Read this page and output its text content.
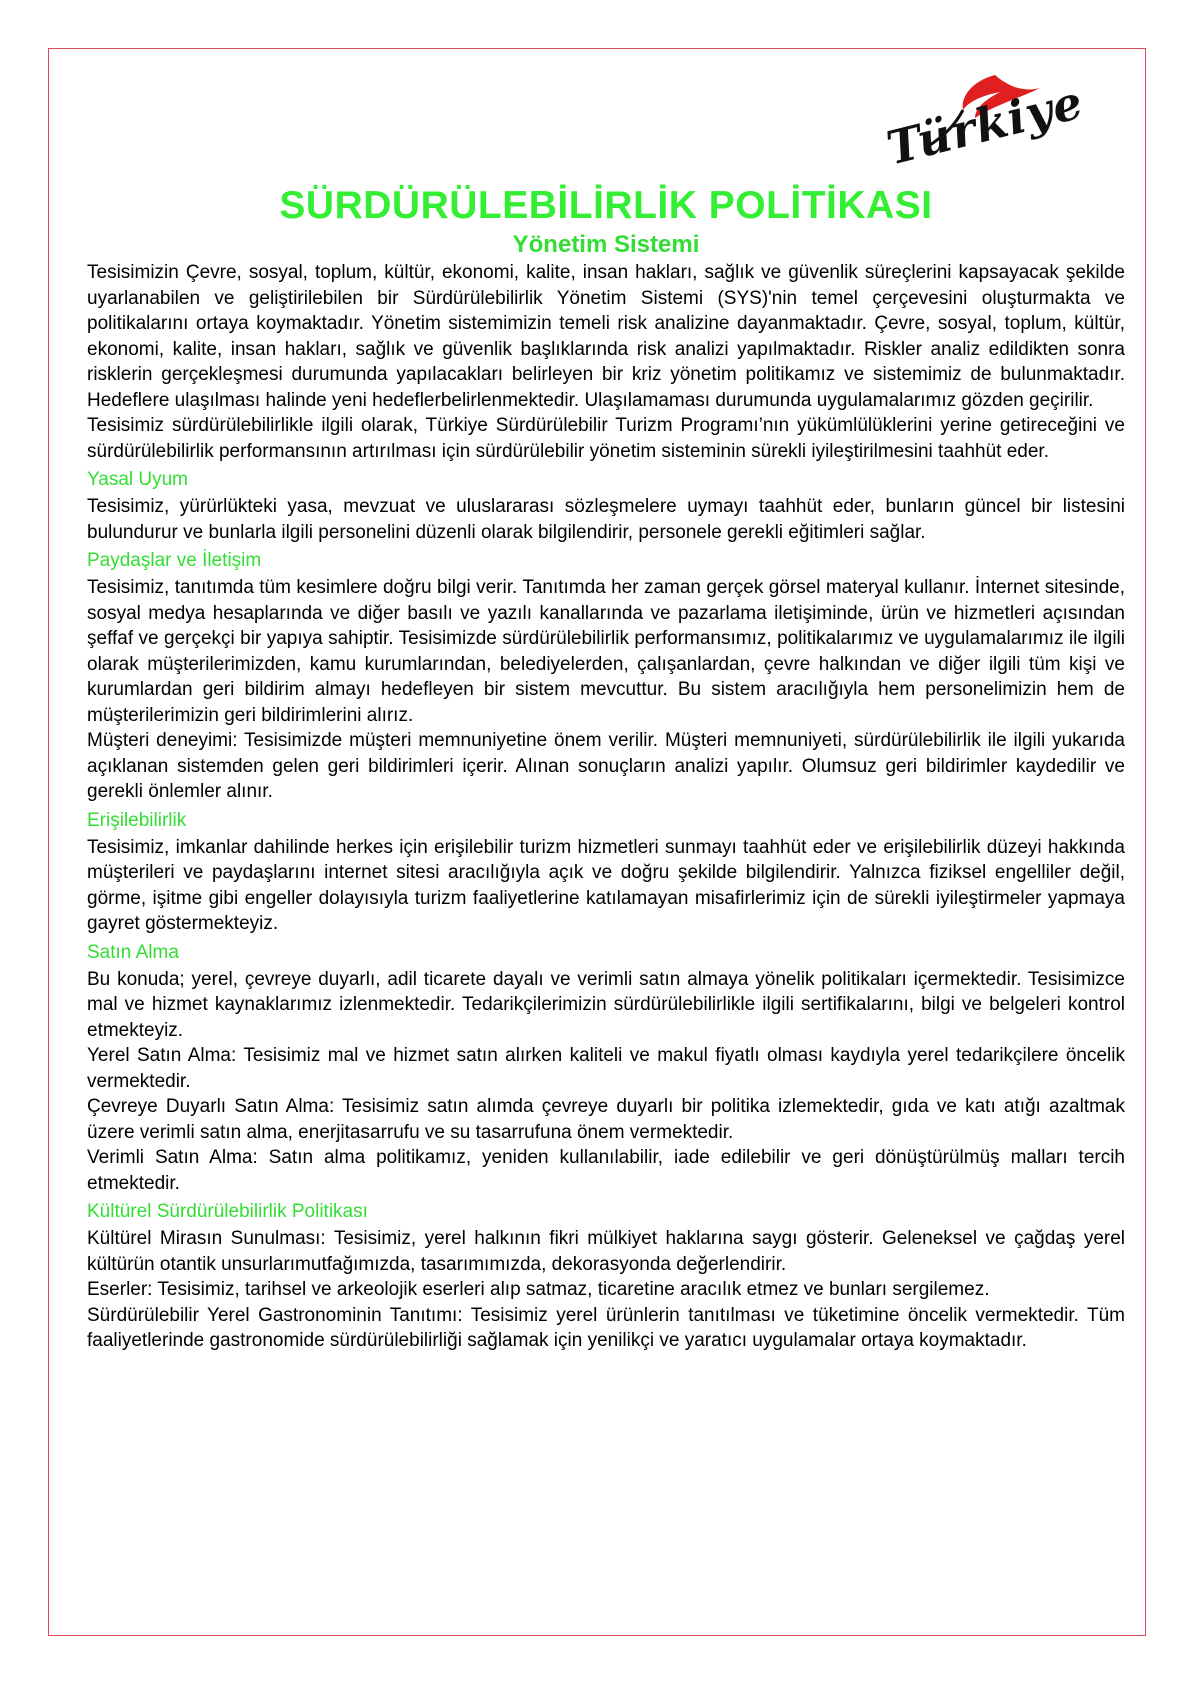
Türkiye
SÜRDÜRÜLEBİLİRLİK POLİTİKASI
Yönetim Sistemi

Tesisimizin Çevre, sosyal, toplum, kültür, ekonomi, kalite, insan hakları, sağlık ve güvenlik süreçlerini kapsayacak şekilde uyarlanabilen ve geliştirilebilen bir Sürdürülebilirlik Yönetim Sistemi (SYS)'nin temel çerçevesini oluşturmakta ve politikalarını ortaya koymaktadır. Yönetim sistemimizin temeli risk analizine dayanmaktadır. Çevre, sosyal, toplum, kültür, ekonomi, kalite, insan hakları, sağlık ve güvenlik başlıklarında risk analizi yapılmaktadır. Riskler analiz edildikten sonra risklerin gerçekleşmesi durumunda yapılacakları belirleyen bir kriz yönetim politikamız ve sistemimiz de bulunmaktadır. Hedeflere ulaşılması halinde yeni hedeflerbelirlenmektedir. Ulaşılamaması durumunda uygulamalarımız gözden geçirilir.

Tesisimiz sürdürülebilirlikle ilgili olarak, Türkiye Sürdürülebilir Turizm Programı’nın yükümlülüklerini yerine getireceğini ve sürdürülebilirlik performansının artırılması için sürdürülebilir yönetim sisteminin sürekli iyileştirilmesini taahhüt eder.

Yasal Uyum

Tesisimiz, yürürlükteki yasa, mevzuat ve uluslararası sözleşmelere uymayı taahhüt eder, bunların güncel bir listesini bulundurur ve bunlarla ilgili personelini düzenli olarak bilgilendirir, personele gerekli eğitimleri sağlar.

Paydaşlar ve İletişim

Tesisimiz, tanıtımda tüm kesimlere doğru bilgi verir. Tanıtımda her zaman gerçek görsel materyal kullanır. İnternet sitesinde, sosyal medya hesaplarında ve diğer basılı ve yazılı kanallarında ve pazarlama iletişiminde, ürün ve hizmetleri açısından şeffaf ve gerçekçi bir yapıya sahiptir. Tesisimizde sürdürülebilirlik performansımız, politikalarımız ve uygulamalarımız ile ilgili olarak müşterilerimizden, kamu kurumlarından, belediyelerden, çalışanlardan, çevre halkından ve diğer ilgili tüm kişi ve kurumlardan geri bildirim almayı hedefleyen bir sistem mevcuttur. Bu sistem aracılığıyla hem personelimizin hem de müşterilerimizin geri bildirimlerini alırız.

Müşteri deneyimi: Tesisimizde müşteri memnuniyetine önem verilir. Müşteri memnuniyeti, sürdürülebilirlik ile ilgili yukarıda açıklanan sistemden gelen geri bildirimleri içerir. Alınan sonuçların analizi yapılır. Olumsuz geri bildirimler kaydedilir ve gerekli önlemler alınır.

Erişilebilirlik

Tesisimiz, imkanlar dahilinde herkes için erişilebilir turizm hizmetleri sunmayı taahhüt eder ve erişilebilirlik düzeyi hakkında müşterileri ve paydaşlarını internet sitesi aracılığıyla açık ve doğru şekilde bilgilendirir. Yalnızca fiziksel engelliler değil, görme, işitme gibi engeller dolayısıyla turizm faaliyetlerine katılamayan misafirlerimiz için de sürekli iyileştirmeler yapmaya gayret göstermekteyiz.

Satın Alma

Bu konuda; yerel, çevreye duyarlı, adil ticarete dayalı ve verimli satın almaya yönelik politikaları içermektedir. Tesisimizce mal ve hizmet kaynaklarımız izlenmektedir. Tedarikçilerimizin sürdürülebilirlikle ilgili sertifikalarını, bilgi ve belgeleri kontrol etmekteyiz.

Yerel Satın Alma: Tesisimiz mal ve hizmet satın alırken kaliteli ve makul fiyatlı olması kaydıyla yerel tedarikçilere öncelik vermektedir.

Çevreye Duyarlı Satın Alma: Tesisimiz satın alımda çevreye duyarlı bir politika izlemektedir, gıda ve katı atığı azaltmak üzere verimli satın alma, enerjitasarrufu ve su tasarrufuna önem vermektedir.

Verimli Satın Alma: Satın alma politikamız, yeniden kullanılabilir, iade edilebilir ve geri dönüştürülmüş malları tercih etmektedir.

Kültürel Sürdürülebilirlik Politikası

Kültürel Mirasın Sunulması: Tesisimiz, yerel halkının fikri mülkiyet haklarına saygı gösterir. Geleneksel ve çağdaş yerel kültürün otantik unsurlarımutfağımızda, tasarımımızda, dekorasyonda değerlendirir.

Eserler: Tesisimiz, tarihsel ve arkeolojik eserleri alıp satmaz, ticaretine aracılık etmez ve bunları sergilemez.

Sürdürülebilir Yerel Gastronominin Tanıtımı: Tesisimiz yerel ürünlerin tanıtılması ve tüketimine öncelik vermektedir. Tüm faaliyetlerinde gastronomide sürdürülebilirliği sağlamak için yenilikçi ve yaratıcı uygulamalar ortaya koymaktadır.
